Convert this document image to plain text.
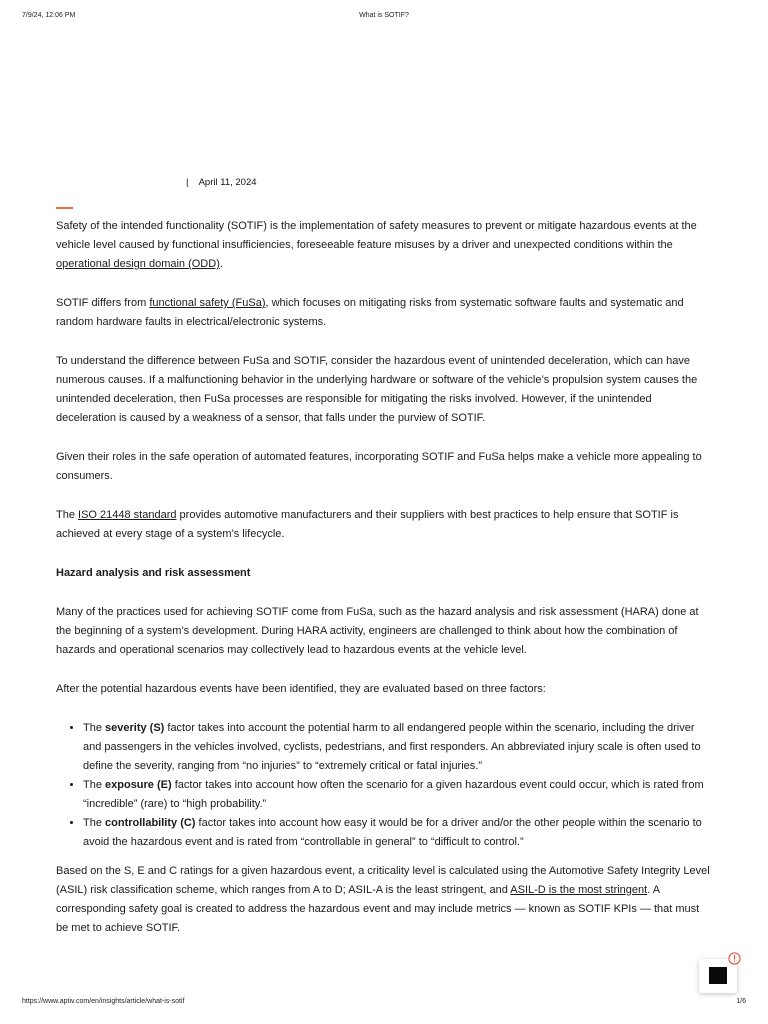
7/9/24, 12:06 PM	What is SOTIF?
| April 11, 2024

Safety of the intended functionality (SOTIF) is the implementation of safety measures to prevent or mitigate hazardous events at the vehicle level caused by functional insufficiencies, foreseeable feature misuses by a driver and unexpected conditions within the operational design domain (ODD).

SOTIF differs from functional safety (FuSa), which focuses on mitigating risks from systematic software faults and systematic and random hardware faults in electrical/electronic systems.

To understand the difference between FuSa and SOTIF, consider the hazardous event of unintended deceleration, which can have numerous causes. If a malfunctioning behavior in the underlying hardware or software of the vehicle’s propulsion system causes the unintended deceleration, then FuSa processes are responsible for mitigating the risks involved. However, if the unintended deceleration is caused by a weakness of a sensor, that falls under the purview of SOTIF.

Given their roles in the safe operation of automated features, incorporating SOTIF and FuSa helps make a vehicle more appealing to consumers.

The ISO 21448 standard provides automotive manufacturers and their suppliers with best practices to help ensure that SOTIF is achieved at every stage of a system’s lifecycle.

Hazard analysis and risk assessment

Many of the practices used for achieving SOTIF come from FuSa, such as the hazard analysis and risk assessment (HARA) done at the beginning of a system’s development. During HARA activity, engineers are challenged to think about how the combination of hazards and operational scenarios may collectively lead to hazardous events at the vehicle level.

After the potential hazardous events have been identified, they are evaluated based on three factors:

• The severity (S) factor takes into account the potential harm to all endangered people within the scenario, including the driver and passengers in the vehicles involved, cyclists, pedestrians, and first responders. An abbreviated injury scale is often used to define the severity, ranging from “no injuries” to “extremely critical or fatal injuries.”
• The exposure (E) factor takes into account how often the scenario for a given hazardous event could occur, which is rated from “incredible” (rare) to “high probability.”
• The controllability (C) factor takes into account how easy it would be for a driver and/or the other people within the scenario to avoid the hazardous event and is rated from “controllable in general” to “difficult to control.”

Based on the S, E and C ratings for a given hazardous event, a criticality level is calculated using the Automotive Safety Integrity Level (ASIL) risk classification scheme, which ranges from A to D; ASIL-A is the least stringent, and ASIL-D is the most stringent. A corresponding safety goal is created to address the hazardous event and may include metrics — known as SOTIF KPIs — that must be met to achieve SOTIF.

https://www.aptiv.com/en/insights/article/what-is-sotif	1/6
